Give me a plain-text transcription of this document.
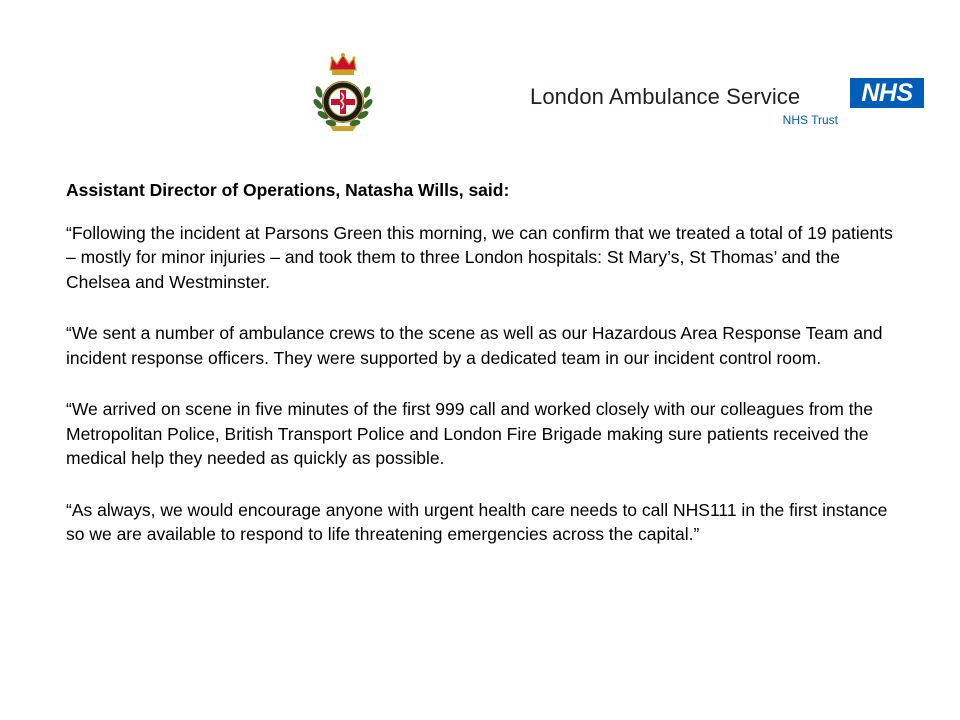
London Ambulance Service	NHS
NHS Trust

Assistant Director of Operations, Natasha Wills, said:

“Following the incident at Parsons Green this morning, we can confirm that we treated a total of 19 patients – mostly for minor injuries – and took them to three London hospitals: St Mary’s, St Thomas’ and the Chelsea and Westminster.

“We sent a number of ambulance crews to the scene as well as our Hazardous Area Response Team and incident response officers. They were supported by a dedicated team in our incident control room.

“We arrived on scene in five minutes of the first 999 call and worked closely with our colleagues from the Metropolitan Police, British Transport Police and London Fire Brigade making sure patients received the medical help they needed as quickly as possible.

“As always, we would encourage anyone with urgent health care needs to call NHS111 in the first instance so we are available to respond to life threatening emergencies across the capital.”
